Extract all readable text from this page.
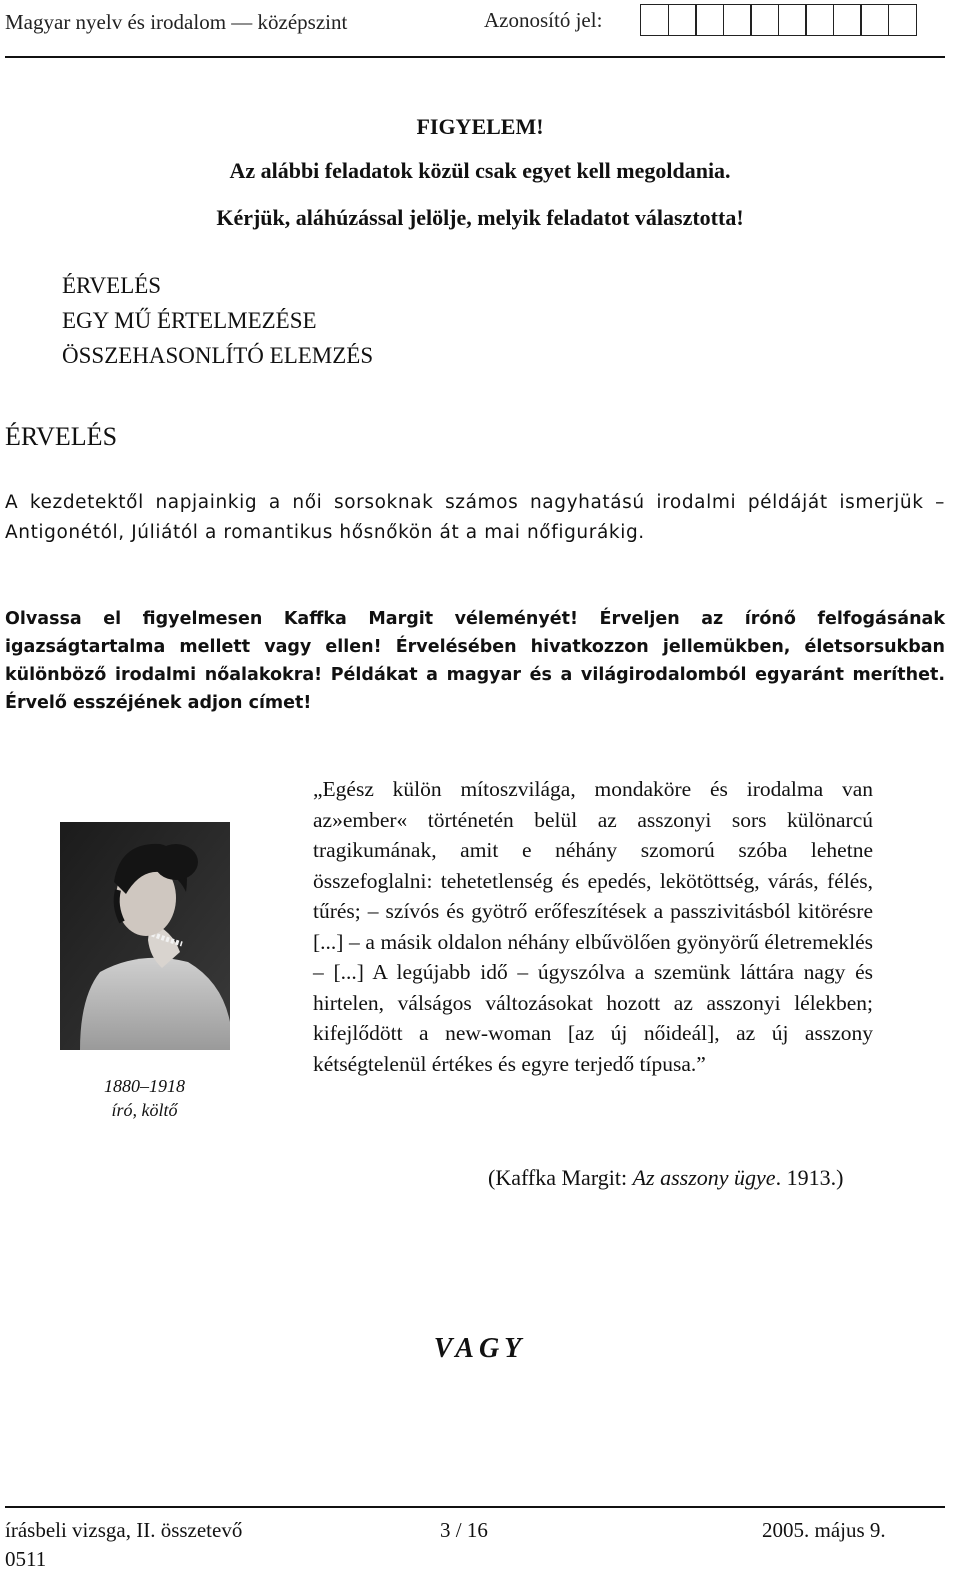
Magyar nyelv és irodalom — középszint	Azonosító jel:
FIGYELEM!
Az alábbi feladatok közül csak egyet kell megoldania.
Kérjük, aláhúzással jelölje, melyik feladatot választotta!
ÉRVELÉS
EGY MŰ ÉRTELMEZÉSE
ÖSSZEHASONLÍTÓ ELEMZÉS
ÉRVELÉS

A kezdetektől napjainkig a női sorsoknak számos nagyhatású irodalmi példáját ismerjük – Antigonétól, Júliától a romantikus hősnőkön át a mai nőfigurákig.

Olvassa el figyelmesen Kaffka Margit véleményét! Érveljen az írónő felfogásának igazságtartalma mellett vagy ellen! Érvelésében hivatkozzon jellemükben, életsorsukban különböző irodalmi nőalakokra! Példákat a magyar és a világirodalomból egyaránt meríthet. Érvelő esszéjének adjon címet!

1880–1918
író, költő

„Egész külön mítoszvilága, mondaköre és irodalma van az»ember« történetén belül az asszonyi sors különarcú tragikumának, amit e néhány szomorú szóba lehetne összefoglalni: tehetetlenség és epedés, lekötöttség, várás, félés, tűrés; – szívós és gyötrő erőfeszítések a passzivitásból kitörésre [...] – a másik oldalon néhány elbűvölően gyönyörű életremeklés – [...] A legújabb idő – úgyszólva a szemünk láttára nagy és hirtelen, válságos változásokat hozott az asszonyi lélekben; kifejlődött a new-woman [az új nőideál], az új asszony kétségtelenül értékes és egyre terjedő típusa.”

(Kaffka Margit: Az asszony ügye. 1913.)
VAGY
írásbeli vizsga, II. összetevő	3 / 16	2005. május 9.
0511
